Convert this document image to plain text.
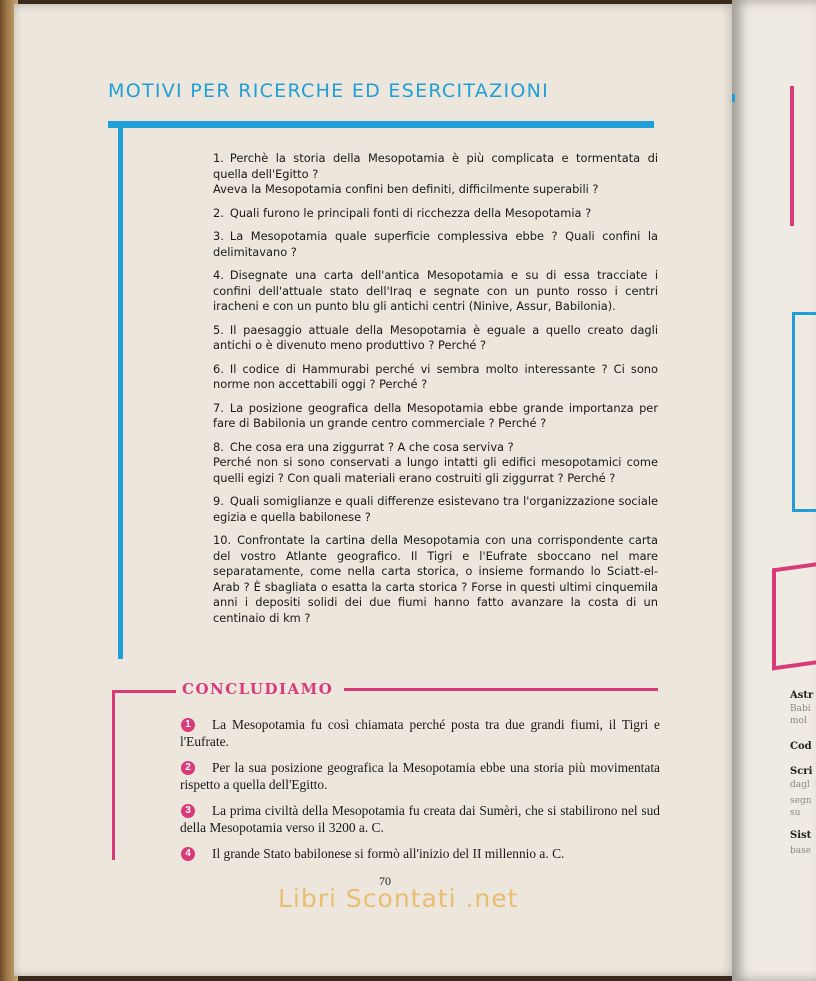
MOTIVI PER RICERCHE ED ESERCITAZIONI
1. Perchè la storia della Mesopotamia è più complicata e tormentata di quella dell'Egitto ?
Aveva la Mesopotamia confini ben definiti, difficilmente superabili ?
2. Quali furono le principali fonti di ricchezza della Mesopotamia ?
3. La Mesopotamia quale superficie complessiva ebbe ? Quali confini la delimitavano ?
4. Disegnate una carta dell'antica Mesopotamia e su di essa tracciate i confini dell'attuale stato dell'Iraq e segnate con un punto rosso i centri iracheni e con un punto blu gli antichi centri (Ninive, Assur, Babilonia).
5. Il paesaggio attuale della Mesopotamia è eguale a quello creato dagli antichi o è divenuto meno produttivo ? Perché ?
6. Il codice di Hammurabi perché vi sembra molto interessante ? Ci sono norme non accettabili oggi ? Perché ?
7. La posizione geografica della Mesopotamia ebbe grande importanza per fare di Babilonia un grande centro commerciale ? Perché ?
8. Che cosa era una ziggurrat ? A che cosa serviva ?
Perché non si sono conservati a lungo intatti gli edifici mesopotamici come quelli egizi ? Con quali materiali erano costruiti gli ziggurrat ? Perché ?
9. Quali somiglianze e quali differenze esistevano tra l'organizzazione sociale egizia e quella babilonese ?
10. Confrontate la cartina della Mesopotamia con una corrispondente carta del vostro Atlante geografico. Il Tigri e l'Eufrate sboccano nel mare separatamente, come nella carta storica, o insieme formando lo Sciatt-el-Arab ? È sbagliata o esatta la carta storica ? Forse in questi ultimi cinquemila anni i depositi solidi dei due fiumi hanno fatto avanzare la costa di un centinaio di km ?
CONCLUDIAMO
1	La Mesopotamia fu così chiamata perché posta tra due grandi fiumi, il Tigri e l'Eufrate.
2	Per la sua posizione geografica la Mesopotamia ebbe una storia più movimentata rispetto a quella dell'Egitto.
3	La prima civiltà della Mesopotamia fu creata dai Sumèri, che si stabilirono nel sud della Mesopotamia verso il 3200 a. C.
4	Il grande Stato babilonese si formò all'inizio del II millennio a. C.
70
Libri Scontati .net
Astr
Babi
mol
Cod
Scri
dagl
segn
su
Sist
base
